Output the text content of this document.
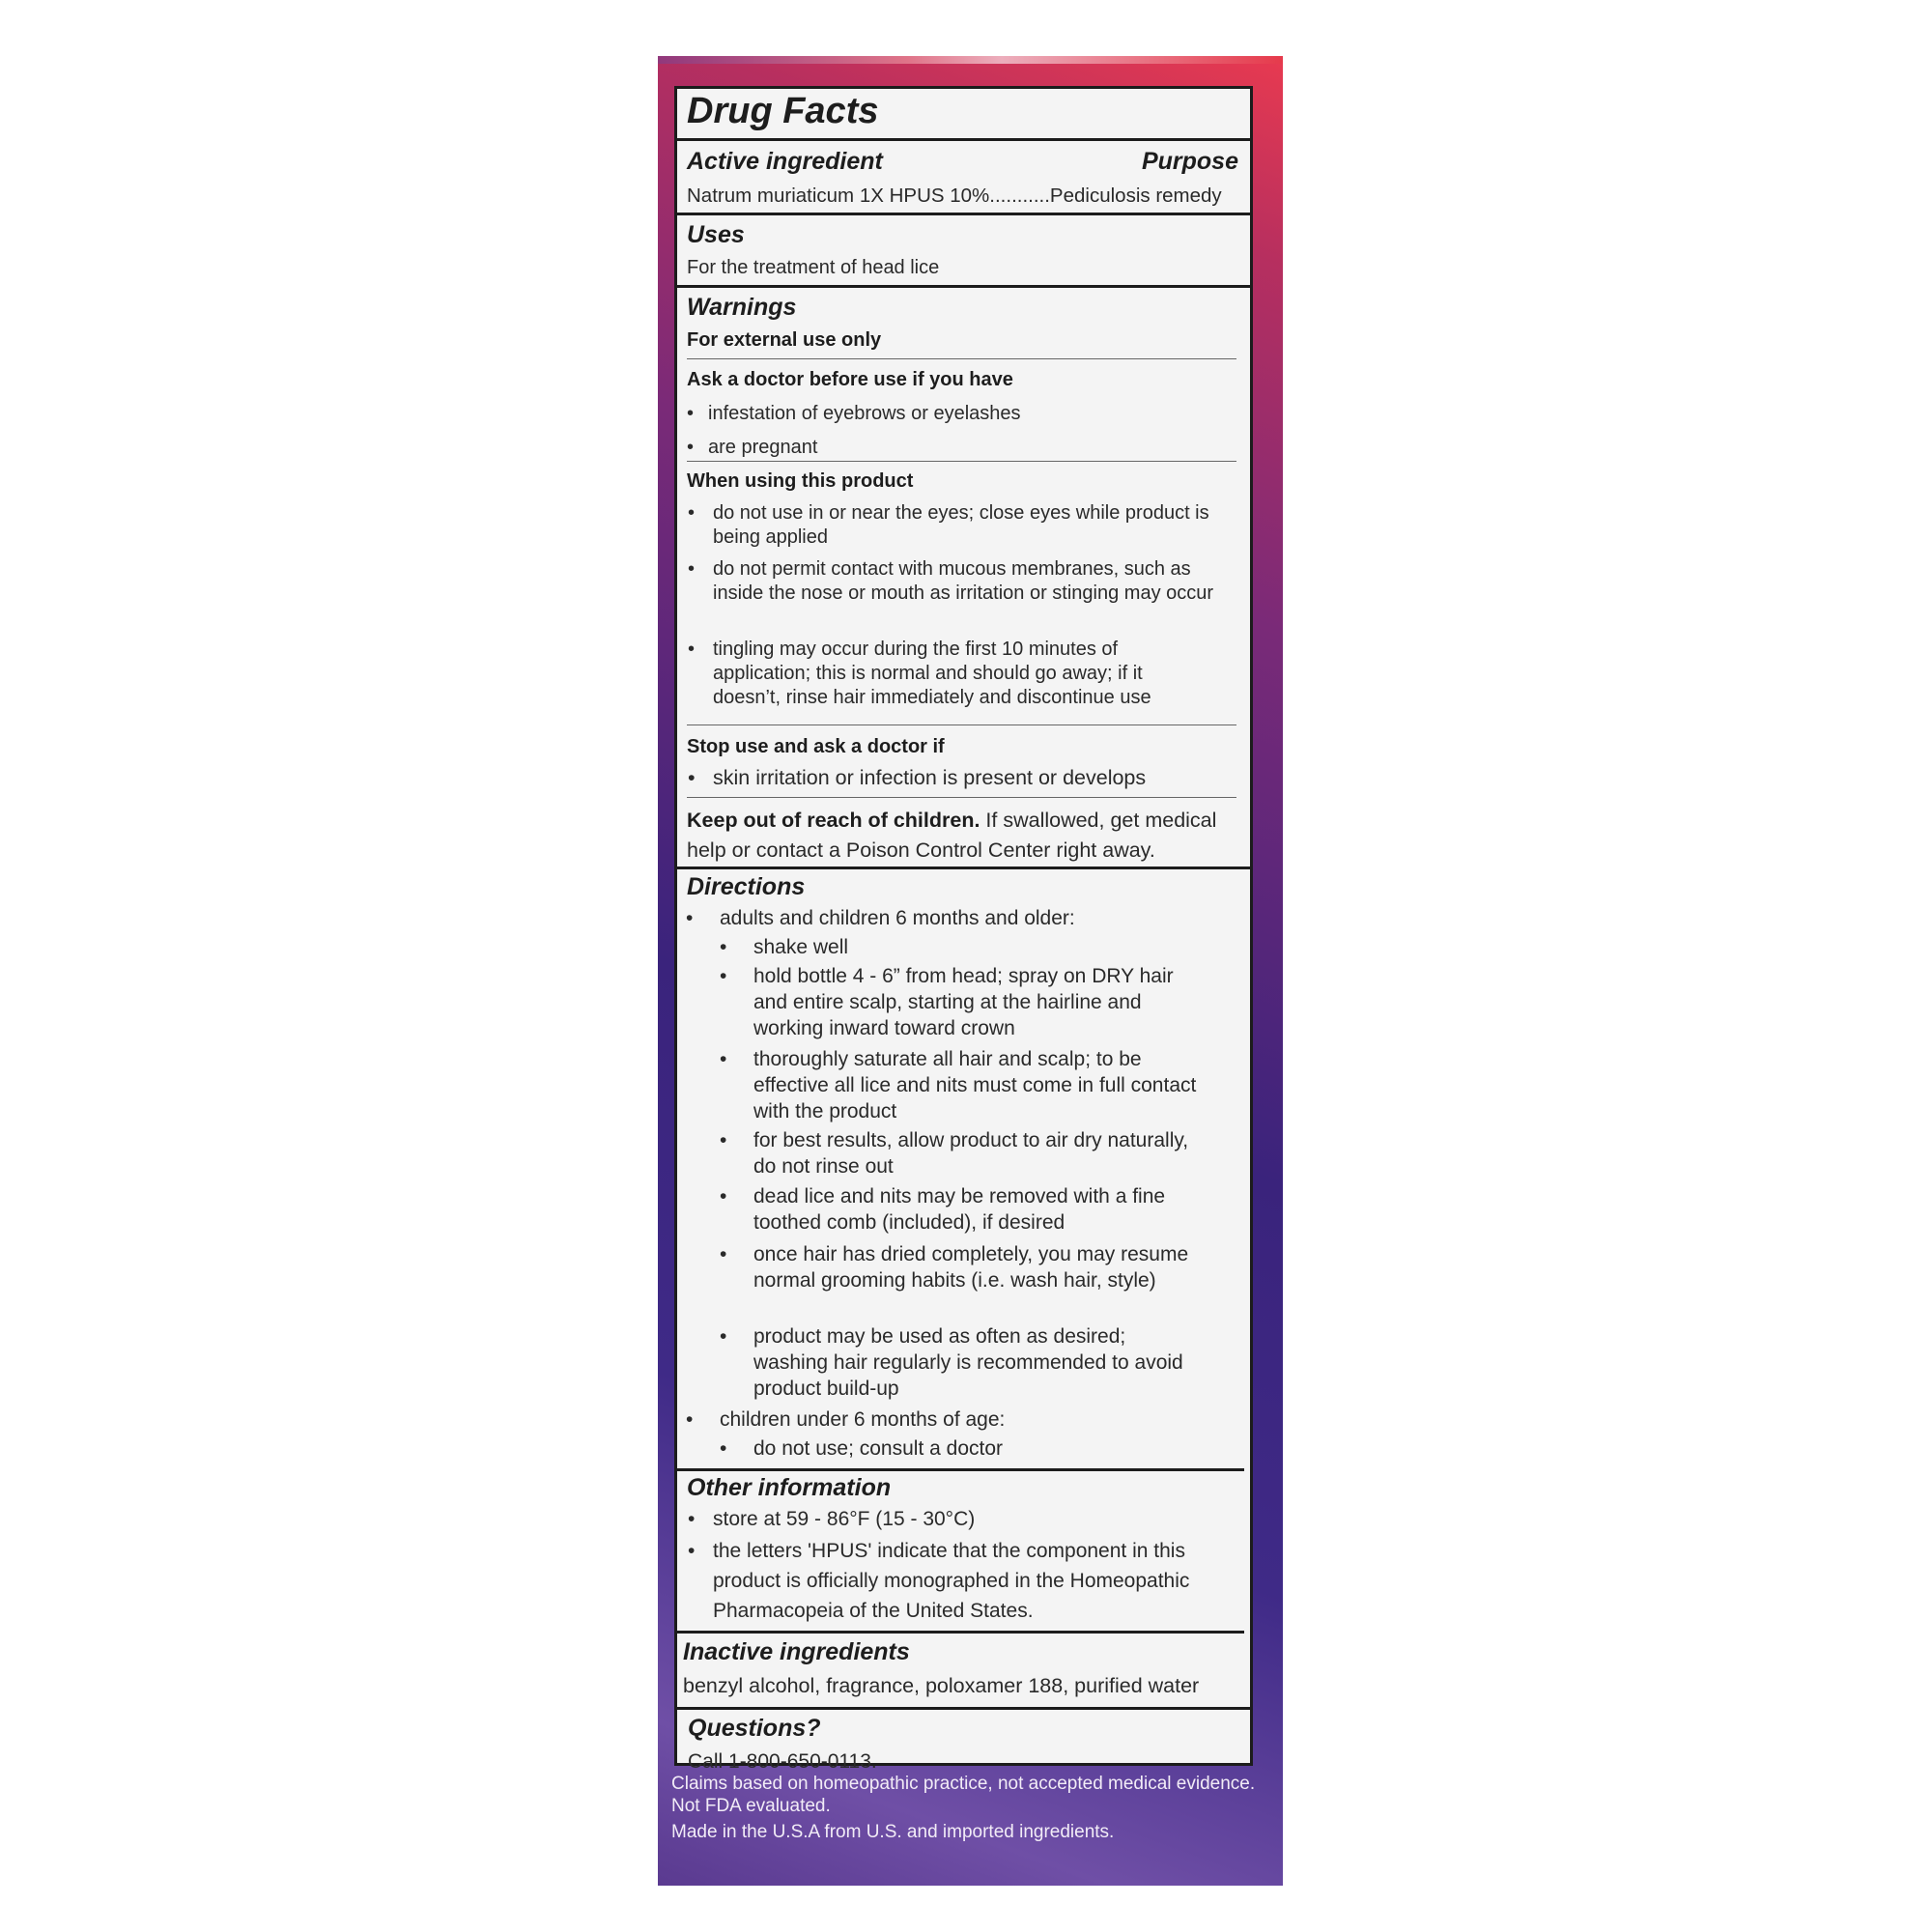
Drug Facts
Active ingredient	Purpose
Natrum muriaticum 1X HPUS 10%...........Pediculosis remedy
Uses
For the treatment of head lice
Warnings
For external use only
Ask a doctor before use if you have
• infestation of eyebrows or eyelashes
• are pregnant
When using this product
• do not use in or near the eyes; close eyes while product is being applied
• do not permit contact with mucous membranes, such as inside the nose or mouth as irritation or stinging may occur
• tingling may occur during the first 10 minutes of application; this is normal and should go away; if it doesn’t, rinse hair immediately and discontinue use
Stop use and ask a doctor if
• skin irritation or infection is present or develops
Keep out of reach of children. If swallowed, get medical help or contact a Poison Control Center right away.
Directions
• adults and children 6 months and older:
• shake well
• hold bottle 4 - 6” from head; spray on DRY hair and entire scalp, starting at the hairline and working inward toward crown
• thoroughly saturate all hair and scalp; to be effective all lice and nits must come in full contact with the product
• for best results, allow product to air dry naturally, do not rinse out
• dead lice and nits may be removed with a fine toothed comb (included), if desired
• once hair has dried completely, you may resume normal grooming habits (i.e. wash hair, style)
• product may be used as often as desired; washing hair regularly is recommended to avoid product build-up
• children under 6 months of age:
• do not use; consult a doctor
Other information
• store at 59 - 86°F (15 - 30°C)
• the letters 'HPUS' indicate that the component in this product is officially monographed in the Homeopathic Pharmacopeia of the United States.
Inactive ingredients
benzyl alcohol, fragrance, poloxamer 188, purified water
Questions?
Call 1-800-650-0113.
Claims based on homeopathic practice, not accepted medical evidence.
Not FDA evaluated.
Made in the U.S.A from U.S. and imported ingredients.
